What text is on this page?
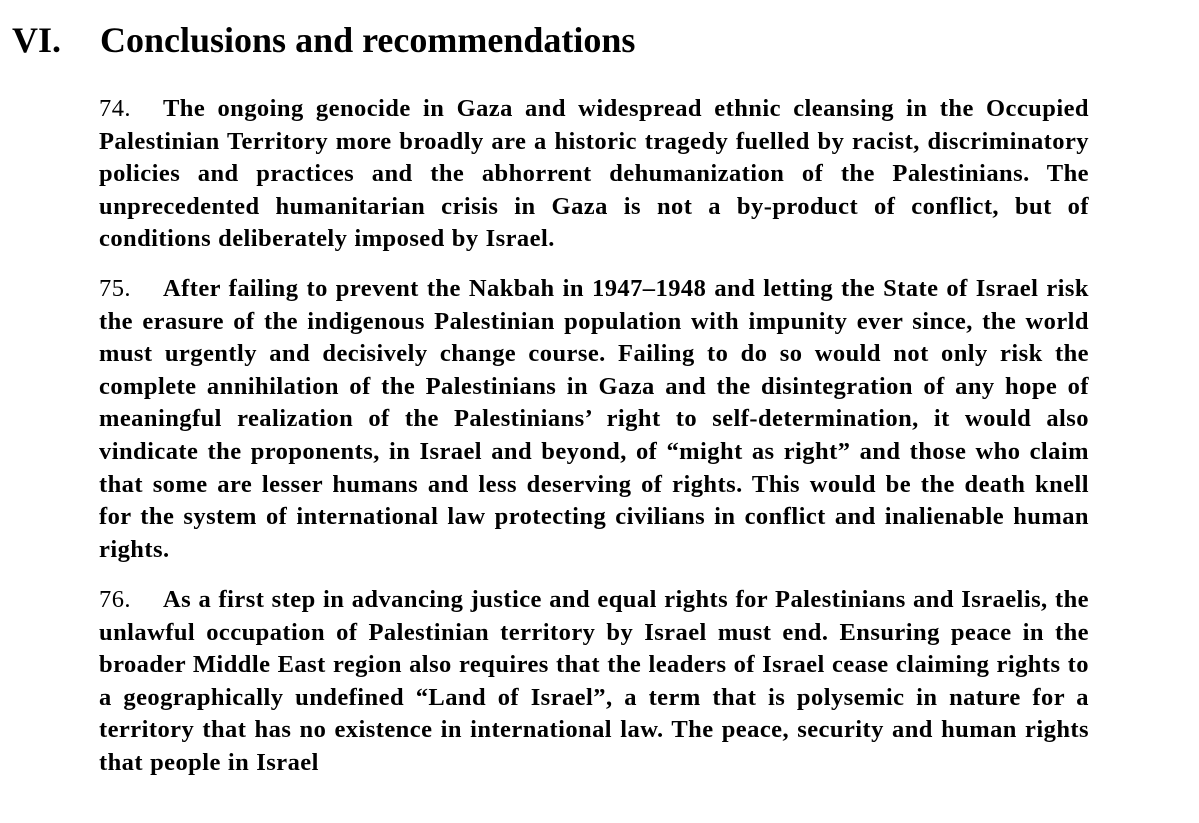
VI. Conclusions and recommendations

74. The ongoing genocide in Gaza and widespread ethnic cleansing in the Occupied Palestinian Territory more broadly are a historic tragedy fuelled by racist, discriminatory policies and practices and the abhorrent dehumanization of the Palestinians. The unprecedented humanitarian crisis in Gaza is not a by-product of conflict, but of conditions deliberately imposed by Israel.

75. After failing to prevent the Nakbah in 1947–1948 and letting the State of Israel risk the erasure of the indigenous Palestinian population with impunity ever since, the world must urgently and decisively change course. Failing to do so would not only risk the complete annihilation of the Palestinians in Gaza and the disintegration of any hope of meaningful realization of the Palestinians’ right to self-determination, it would also vindicate the proponents, in Israel and beyond, of “might as right” and those who claim that some are lesser humans and less deserving of rights. This would be the death knell for the system of international law protecting civilians in conflict and inalienable human rights.

76. As a first step in advancing justice and equal rights for Palestinians and Israelis, the unlawful occupation of Palestinian territory by Israel must end. Ensuring peace in the broader Middle East region also requires that the leaders of Israel cease claiming rights to a geographically undefined “Land of Israel”, a term that is polysemic in nature for a territory that has no existence in international law. The peace, security and human rights that people in Israel
